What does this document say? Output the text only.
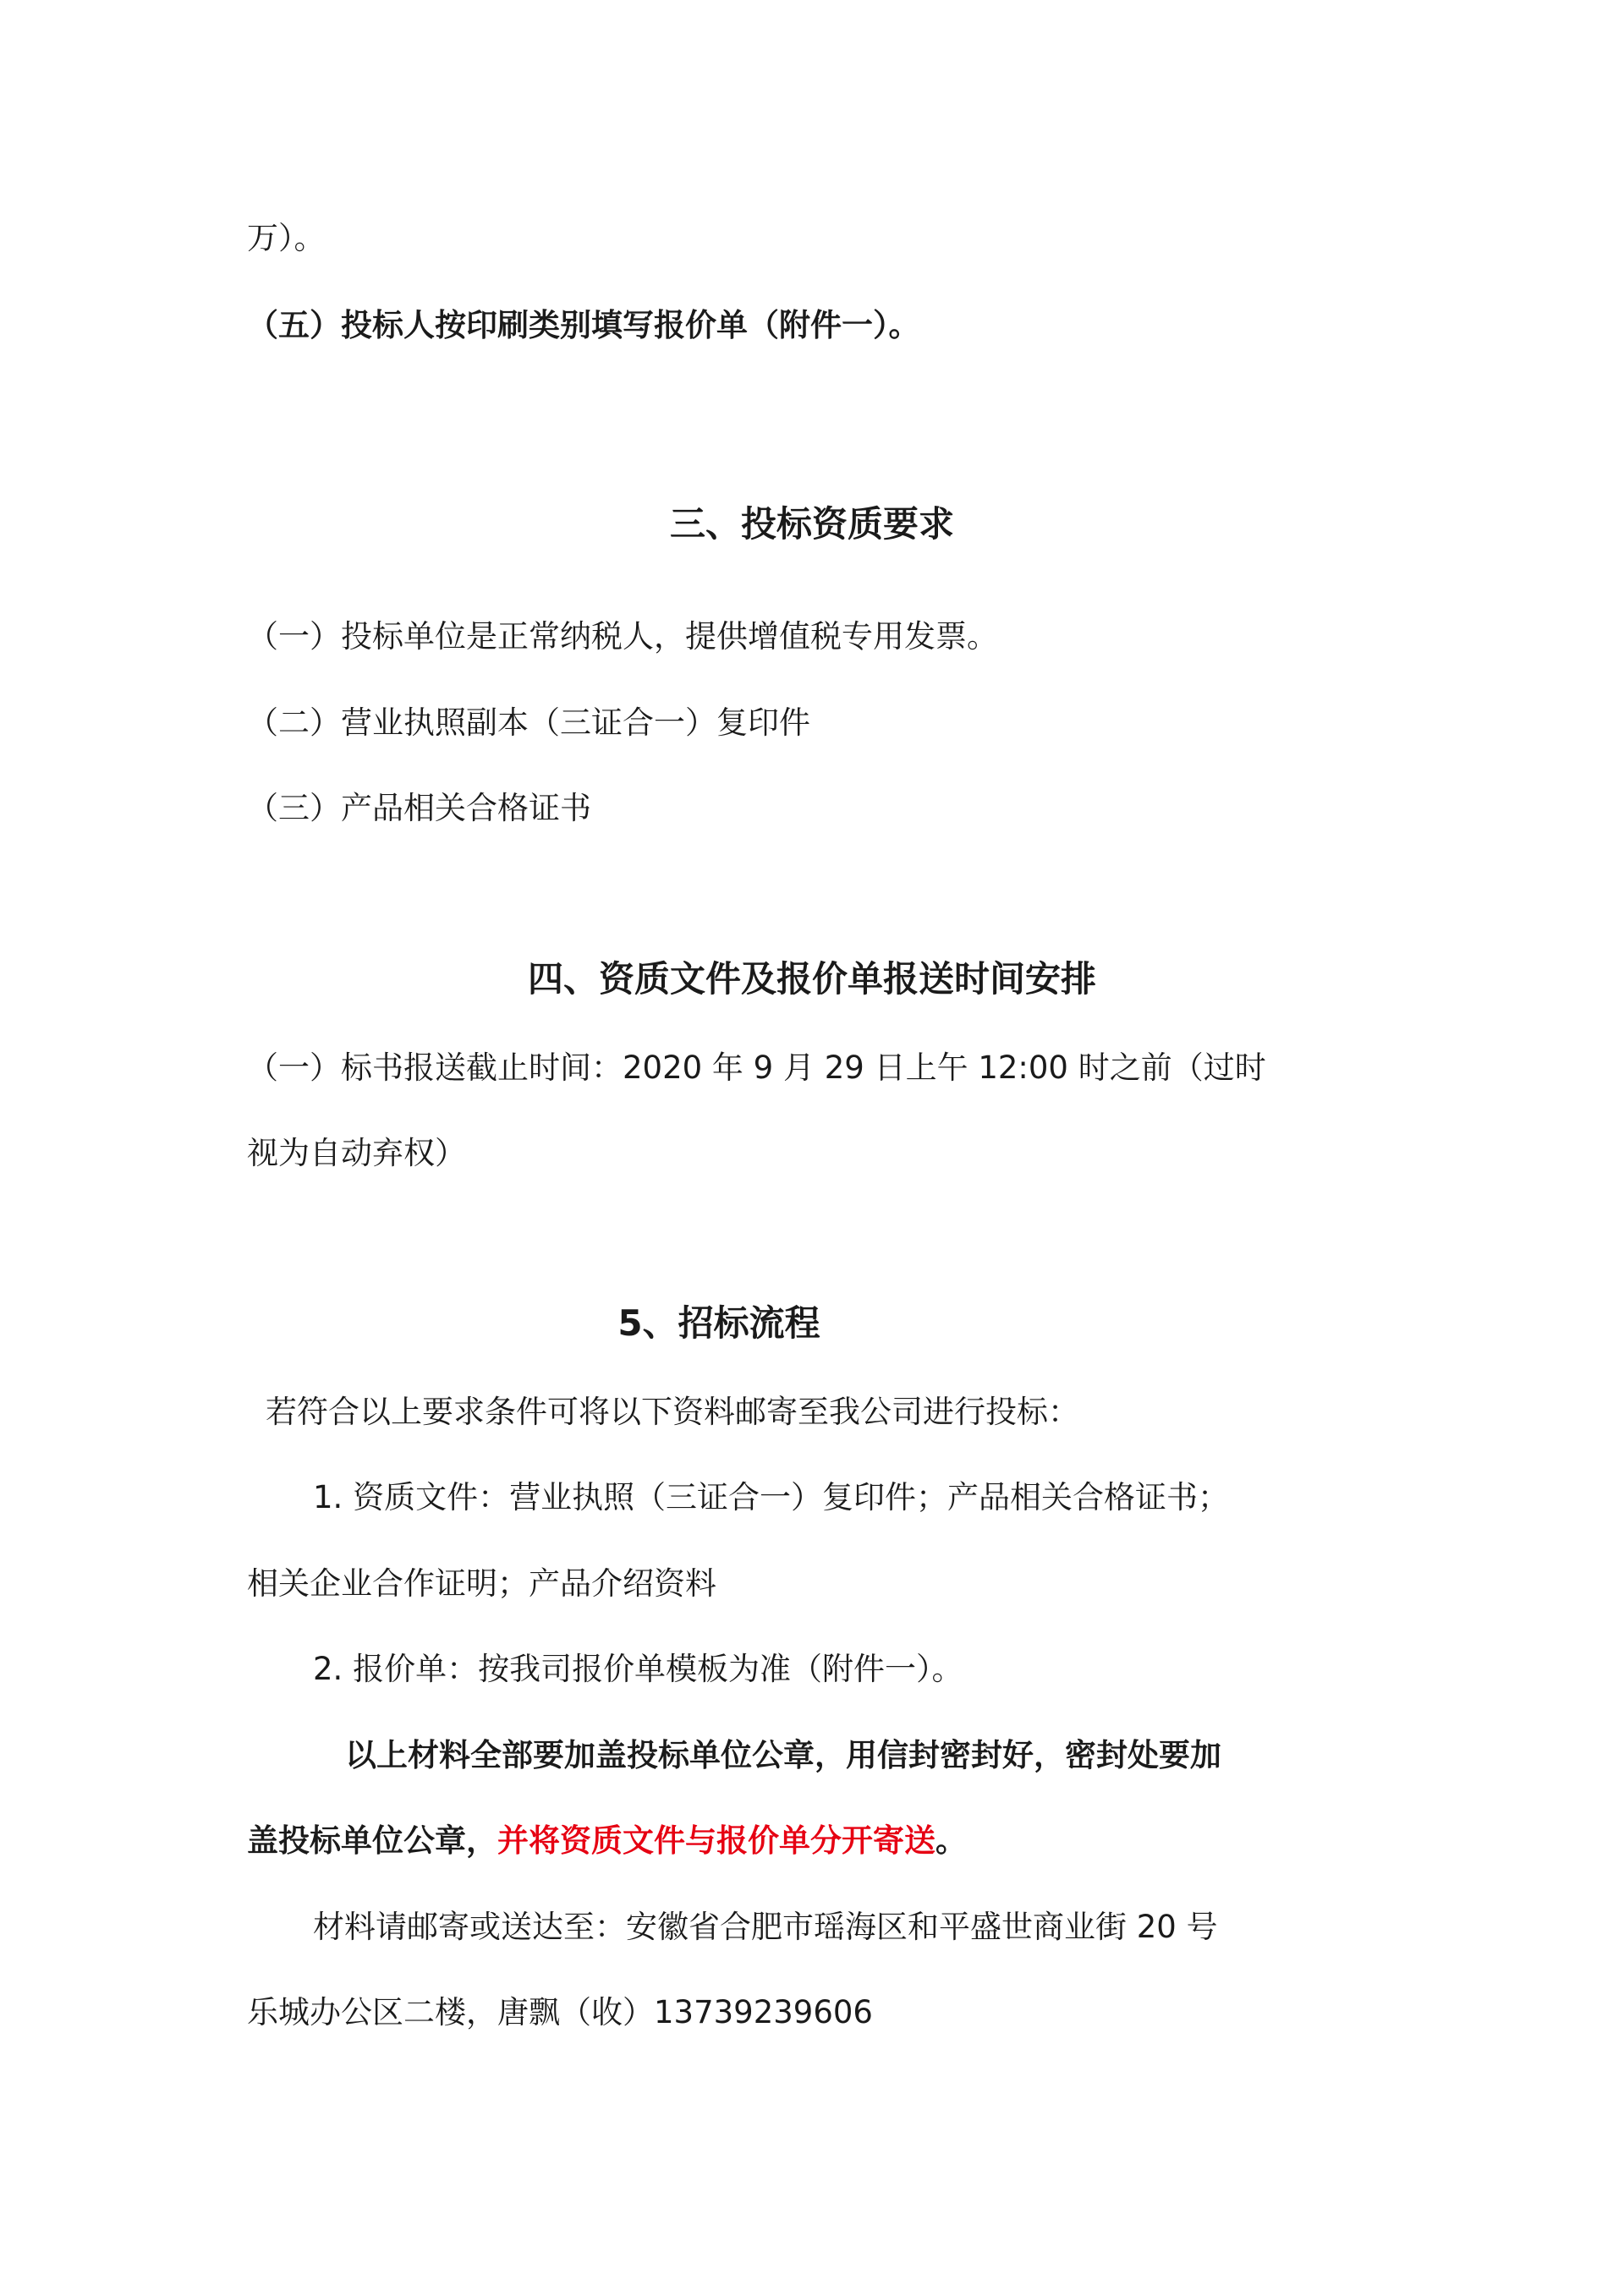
万）。
（五）投标人按印刷类别填写报价单（附件一）。
三、投标资质要求
（一）投标单位是正常纳税人，提供增值税专用发票。
（二）营业执照副本（三证合一）复印件
（三）产品相关合格证书
四、资质文件及报价单报送时间安排
（一）标书报送截止时间：2020 年 9 月 29 日上午 12:00 时之前（过时
视为自动弃权）
5、招标流程
若符合以上要求条件可将以下资料邮寄至我公司进行投标：
1. 资质文件：营业执照（三证合一）复印件；产品相关合格证书；
相关企业合作证明；产品介绍资料
2. 报价单：按我司报价单模板为准（附件一）。
以上材料全部要加盖投标单位公章，用信封密封好，密封处要加
盖投标单位公章，并将资质文件与报价单分开寄送。
材料请邮寄或送达至：安徽省合肥市瑶海区和平盛世商业街 20 号
乐城办公区二楼，唐飘（收）13739239606
